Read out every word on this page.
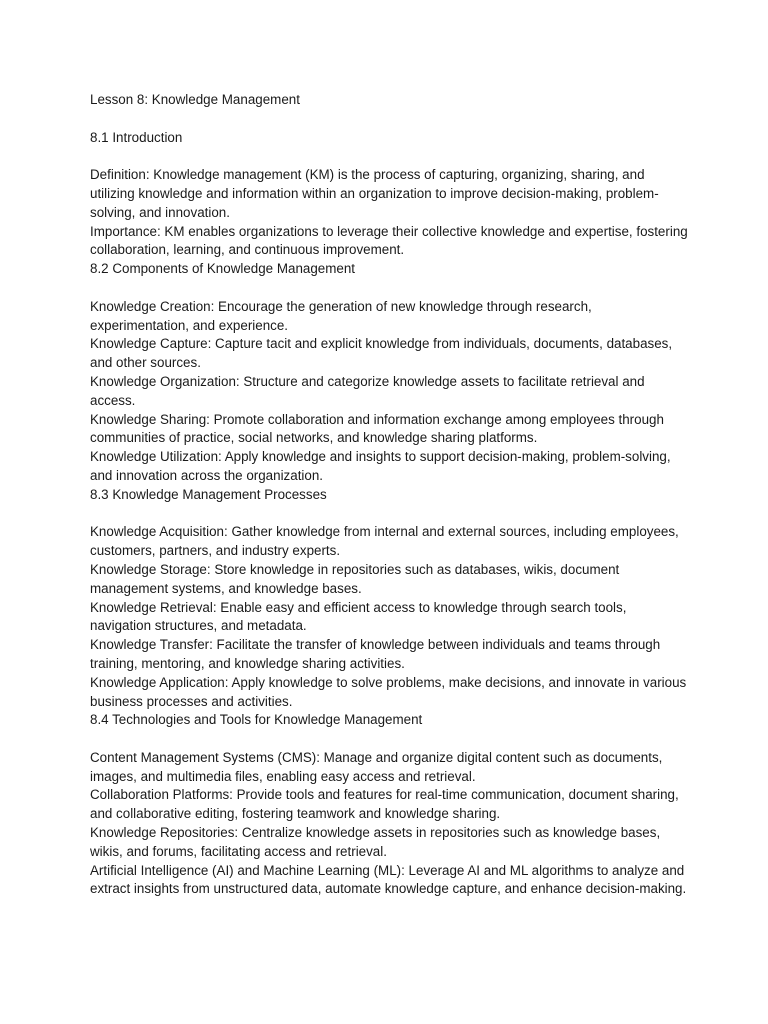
Lesson 8: Knowledge Management

8.1 Introduction

Definition: Knowledge management (KM) is the process of capturing, organizing, sharing, and utilizing knowledge and information within an organization to improve decision-making, problem-solving, and innovation.

Importance: KM enables organizations to leverage their collective knowledge and expertise, fostering collaboration, learning, and continuous improvement.

8.2 Components of Knowledge Management

Knowledge Creation: Encourage the generation of new knowledge through research, experimentation, and experience.

Knowledge Capture: Capture tacit and explicit knowledge from individuals, documents, databases, and other sources.

Knowledge Organization: Structure and categorize knowledge assets to facilitate retrieval and access.

Knowledge Sharing: Promote collaboration and information exchange among employees through communities of practice, social networks, and knowledge sharing platforms.

Knowledge Utilization: Apply knowledge and insights to support decision-making, problem-solving, and innovation across the organization.

8.3 Knowledge Management Processes

Knowledge Acquisition: Gather knowledge from internal and external sources, including employees, customers, partners, and industry experts.

Knowledge Storage: Store knowledge in repositories such as databases, wikis, document management systems, and knowledge bases.

Knowledge Retrieval: Enable easy and efficient access to knowledge through search tools, navigation structures, and metadata.

Knowledge Transfer: Facilitate the transfer of knowledge between individuals and teams through training, mentoring, and knowledge sharing activities.

Knowledge Application: Apply knowledge to solve problems, make decisions, and innovate in various business processes and activities.

8.4 Technologies and Tools for Knowledge Management

Content Management Systems (CMS): Manage and organize digital content such as documents, images, and multimedia files, enabling easy access and retrieval.

Collaboration Platforms: Provide tools and features for real-time communication, document sharing, and collaborative editing, fostering teamwork and knowledge sharing.

Knowledge Repositories: Centralize knowledge assets in repositories such as knowledge bases, wikis, and forums, facilitating access and retrieval.

Artificial Intelligence (AI) and Machine Learning (ML): Leverage AI and ML algorithms to analyze and extract insights from unstructured data, automate knowledge capture, and enhance decision-making.
